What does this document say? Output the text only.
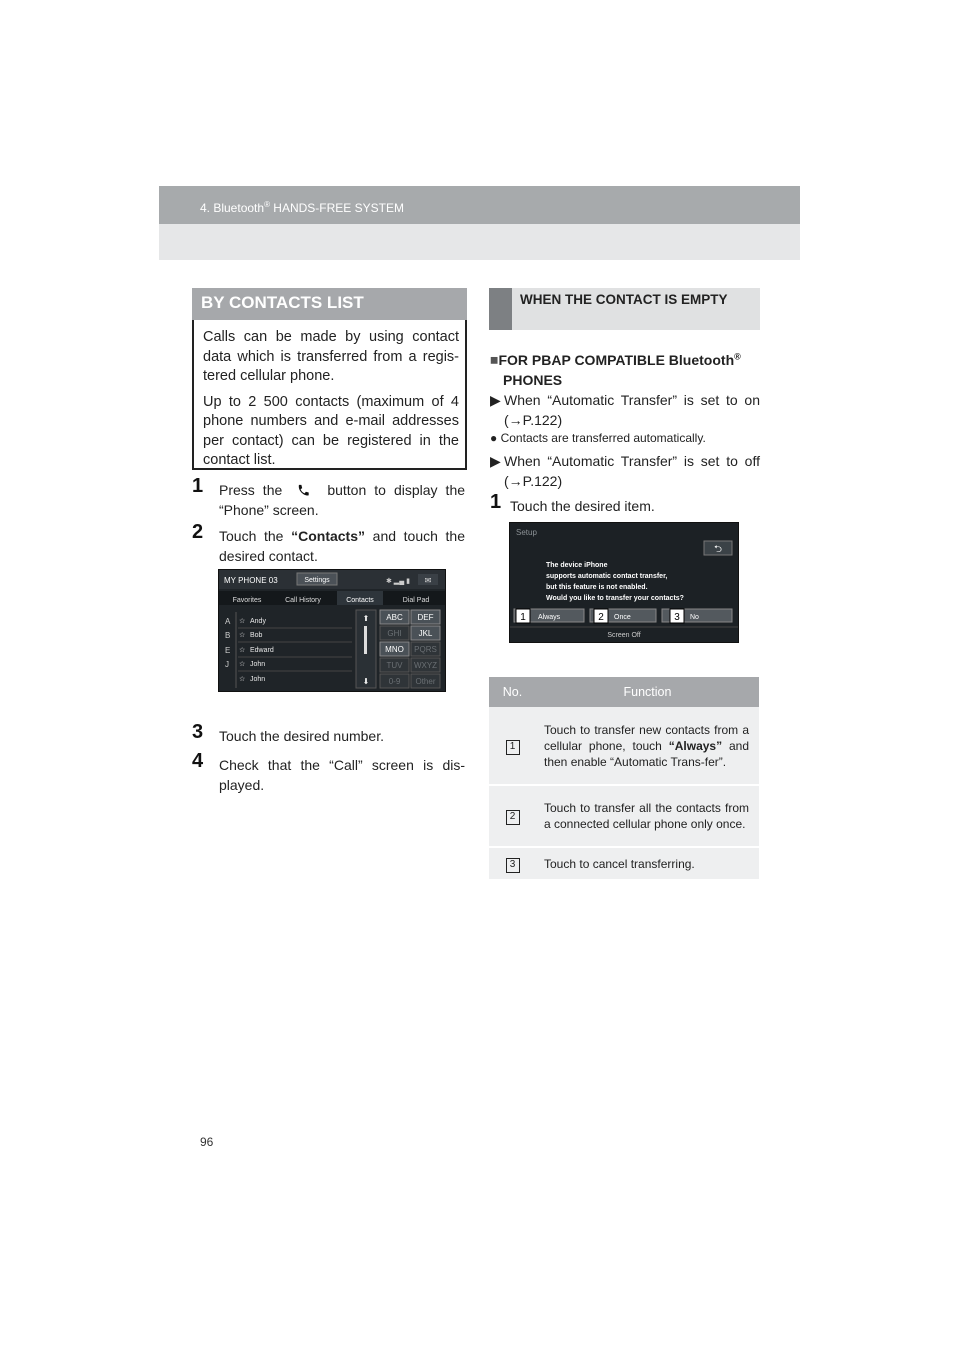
4. Bluetooth® HANDS-FREE SYSTEM
BY CONTACTS LIST

Calls can be made by using contact data which is transferred from a regis-tered cellular phone.

Up to 2 500 contacts (maximum of 4 phone numbers and e-mail addresses per contact) can be registered in the contact list.

1 Press the	button to display the “Phone” screen.
2 Touch the “Contacts” and touch the desired contact.
MY PHONE 03	Settings	✱ ▂▄ ▮ ✉
Favorites	Call History	Contacts	Dial Pad
A
B
E
J
☆ Andy
☆ Bob
☆ Edward
☆ John
☆ John
⬆
⬇
ABC DEF
GHI JKL
MNO PQRS
TUV WXYZ
0-9 Other
3 Touch the desired number.
4 Check that the “Call” screen is dis-played.
WHEN THE CONTACT IS EMPTY
■FOR PBAP COMPATIBLE Bluetooth®
PHONES
▶ When “Automatic Transfer” is set to on (→P.122)
● Contacts are transferred automatically.
▶ When “Automatic Transfer” is set to off (→P.122)
1 Touch the desired item.
Setup
⮌
The device iPhone
supports automatic contact transfer,
but this feature is not enabled.
Would you like to transfer your contacts?
Always	Once	No
1	2	3
Screen Off
No.	Function
1	Touch to transfer new contacts from a cellular phone, touch “Always” and then enable “Automatic Trans-fer”.
2	Touch to transfer all the contacts from a connected cellular phone only once.
3	Touch to cancel transferring.
96
